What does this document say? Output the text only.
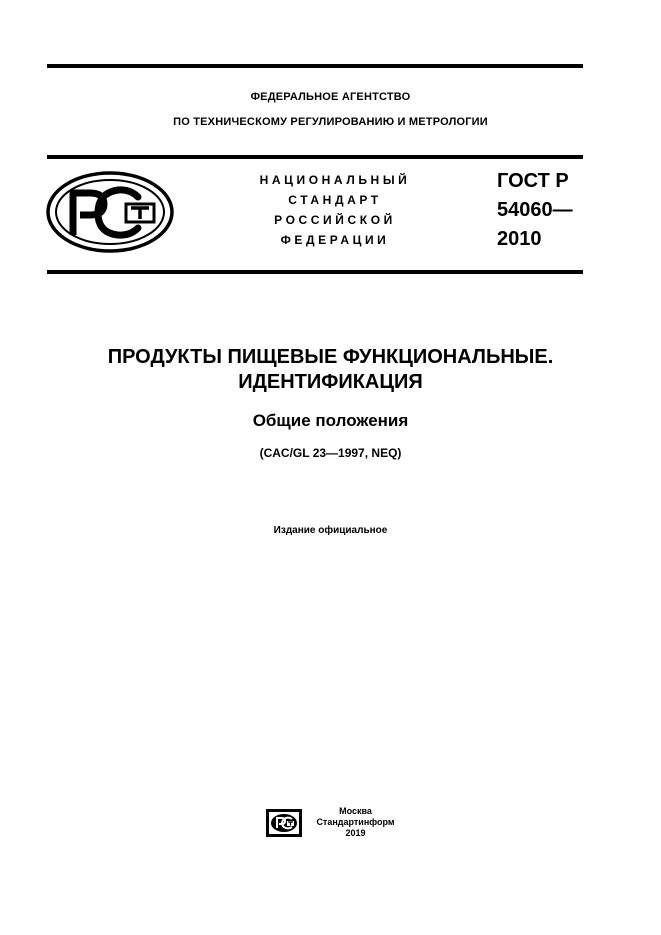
ФЕДЕРАЛЬНОЕ АГЕНТСТВО
ПО ТЕХНИЧЕСКОМУ РЕГУЛИРОВАНИЮ И МЕТРОЛОГИИ
НАЦИОНАЛЬНЫЙ
СТАНДАРТ
РОССИЙСКОЙ
ФЕДЕРАЦИИ
ГОСТ Р
54060—
2010
ПРОДУКТЫ ПИЩЕВЫЕ ФУНКЦИОНАЛЬНЫЕ.
ИДЕНТИФИКАЦИЯ
Общие положения
(CAC/GL 23—1997, NEQ)
Издание официальное
Москва
Стандартинформ
2019
